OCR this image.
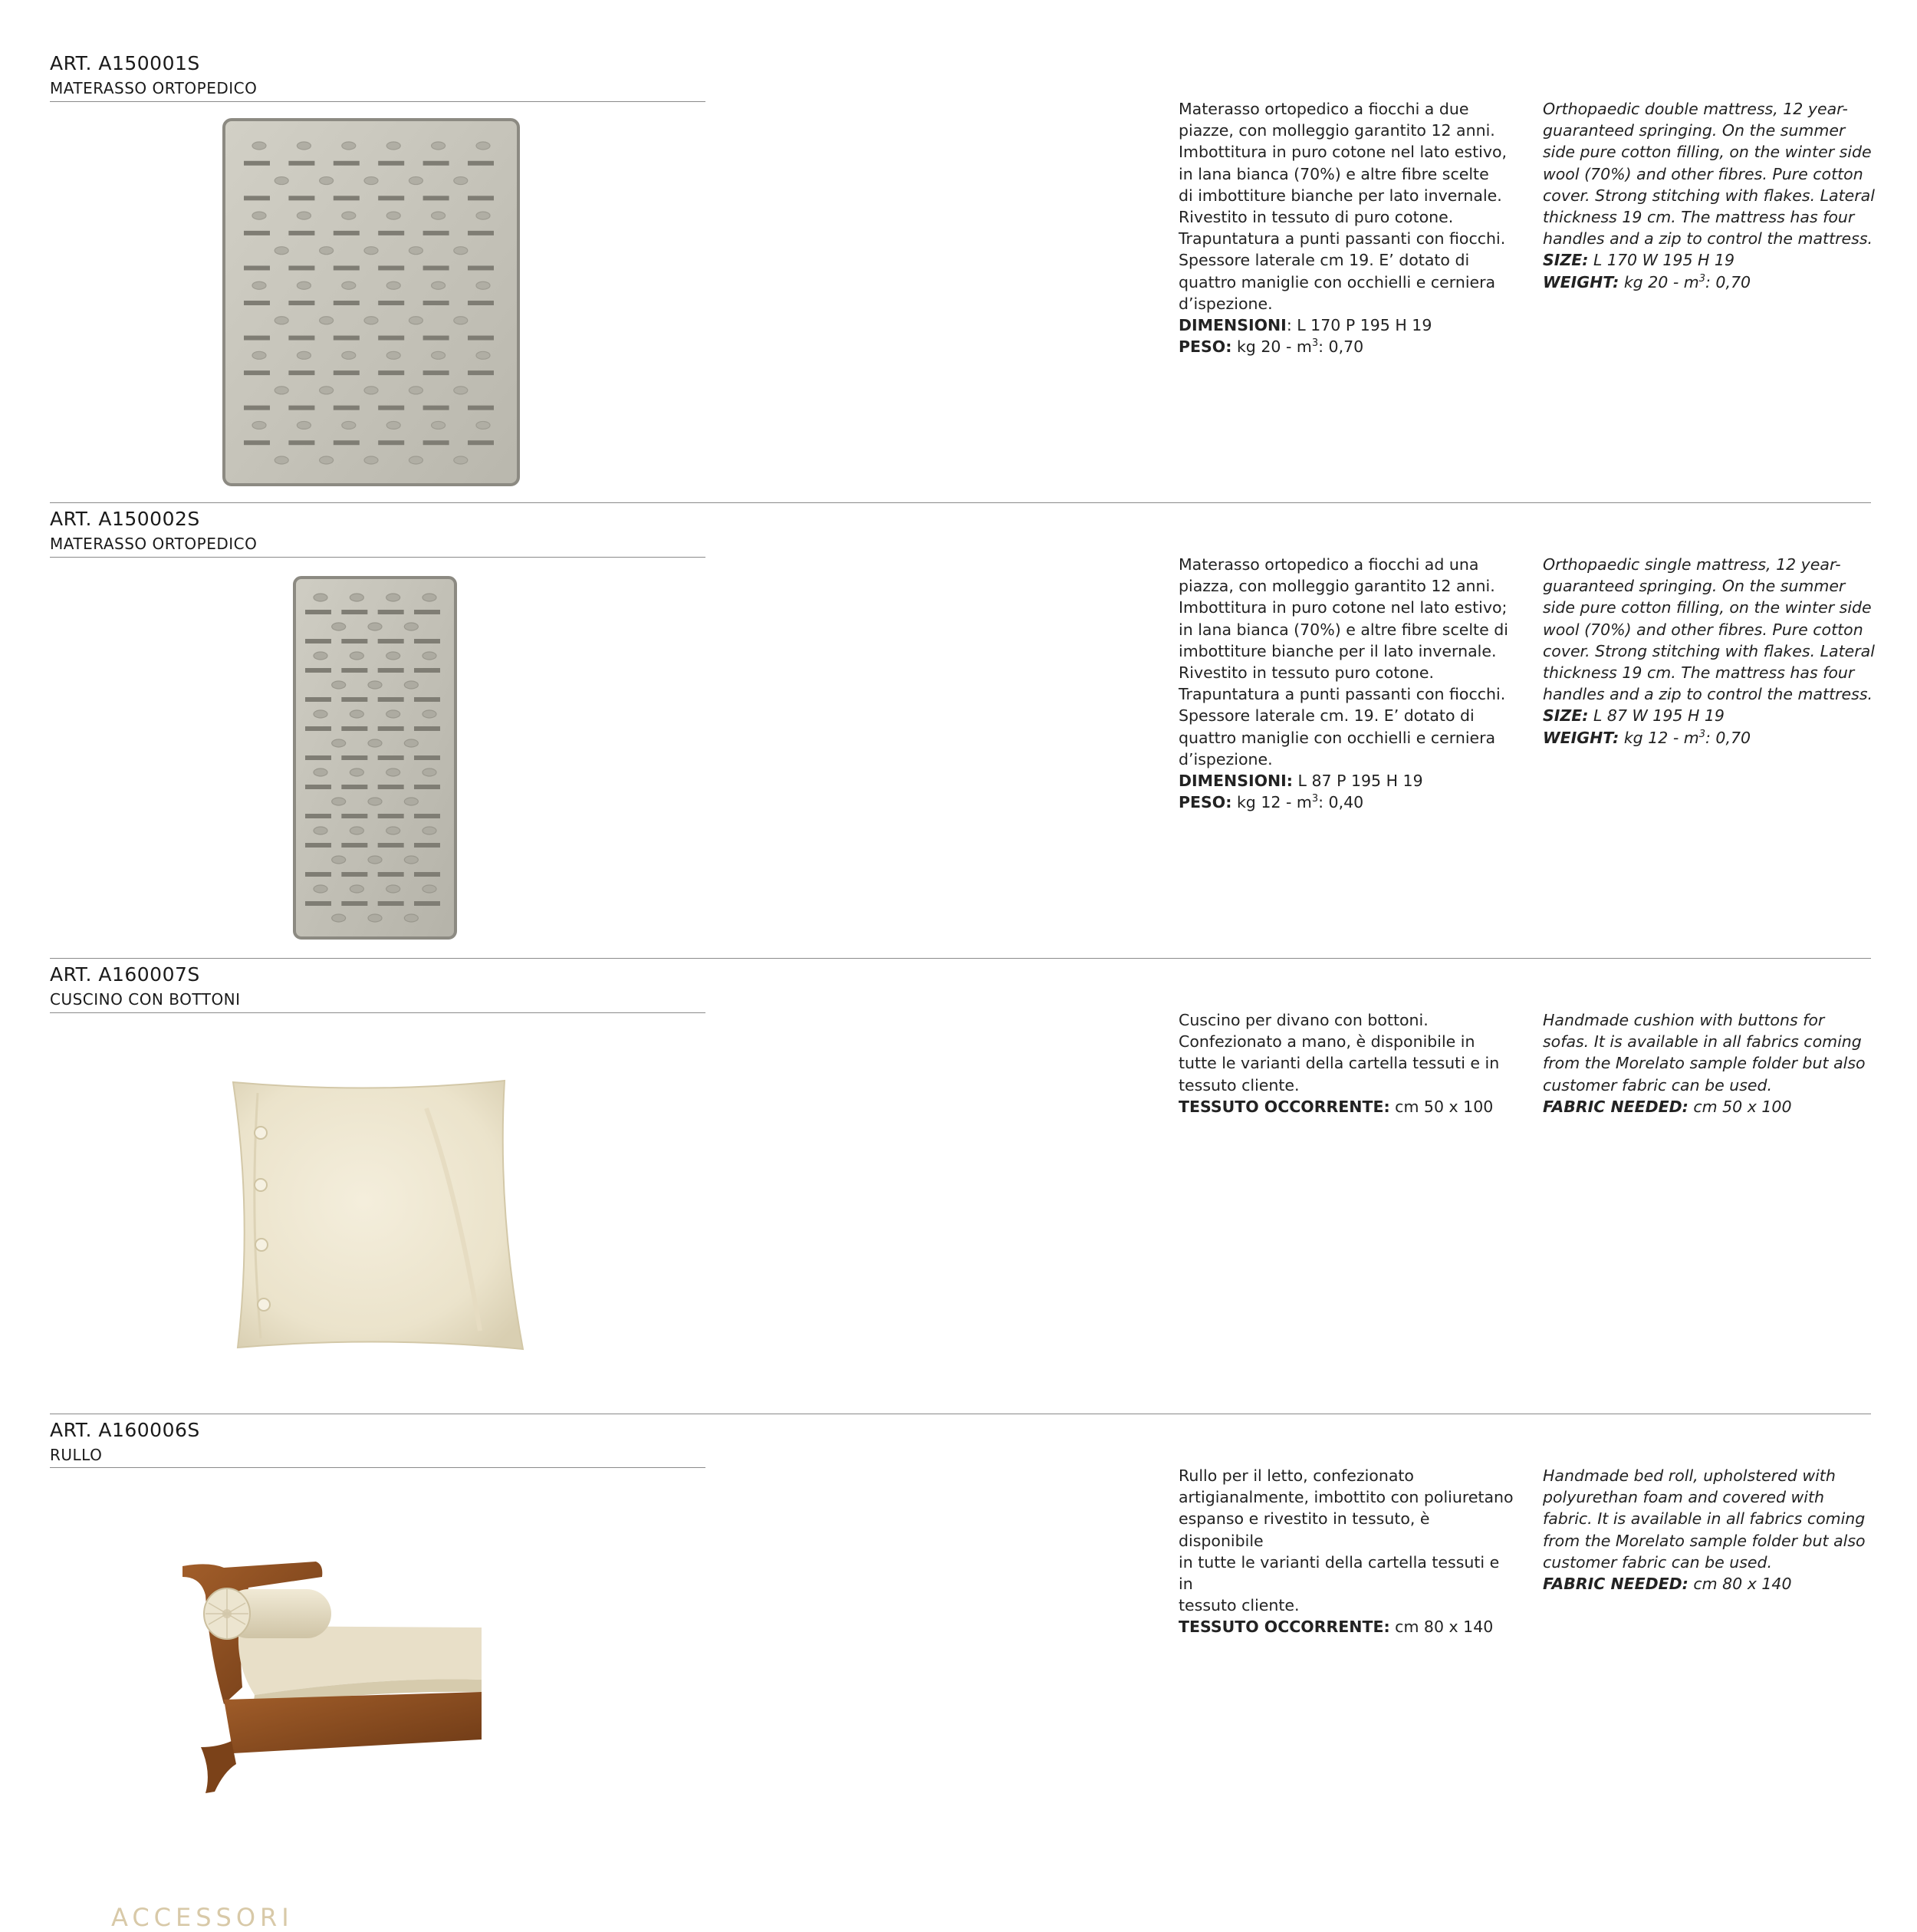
ART. A150001S
MATERASSO ORTOPEDICO

Materasso ortopedico a fiocchi a due

piazze, con molleggio garantito 12 anni.

Imbottitura in puro cotone nel lato estivo,

in lana bianca (70%) e altre fibre scelte

di imbottiture bianche per lato invernale.

Rivestito in tessuto di puro cotone.

Trapuntatura a punti passanti con fiocchi.

Spessore laterale cm 19. E’ dotato di

quattro maniglie con occhielli e cerniera

d’ispezione.

DIMENSIONI: L 170 P 195 H 19

PESO: kg $20 - m^3$: 0,70

Orthopaedic double mattress, 12 year-

guaranteed springing. On the summer

side pure cotton filling, on the winter side

wool (70%) and other fibres. Pure cotton

cover. Strong stitching with flakes. Lateral

thickness 19 cm. The mattress has four

handles and a zip to control the mattress.

SIZE: L 170 W 195 H 19

WEIGHT: kg $20 - m^3$: 0,70

ART. A150002S
MATERASSO ORTOPEDICO

Materasso ortopedico a fiocchi ad una

piazza, con molleggio garantito 12 anni.

Imbottitura in puro cotone nel lato estivo;

in lana bianca (70%) e altre fibre scelte di

imbottiture bianche per il lato invernale.

Rivestito in tessuto puro cotone.

Trapuntatura a punti passanti con fiocchi.

Spessore laterale cm. 19. E’ dotato di

quattro maniglie con occhielli e cerniera

d’ispezione.

DIMENSIONI: L 87 P 195 H 19

PESO: kg $12 - m^3$: 0,40

Orthopaedic single mattress, 12 year-

guaranteed springing. On the summer

side pure cotton filling, on the winter side

wool (70%) and other fibres. Pure cotton

cover. Strong stitching with flakes. Lateral

thickness 19 cm. The mattress has four

handles and a zip to control the mattress.

SIZE: L 87 W 195 H 19

WEIGHT: kg $12 - m^3$: 0,70

ART. A160007S
CUSCINO CON BOTTONI

Cuscino per divano con bottoni.

Confezionato a mano, è disponibile in

tutte le varianti della cartella tessuti e in

tessuto cliente.

TESSUTO OCCORRENTE: cm 50 x 100

Handmade cushion with buttons for

sofas. It is available in all fabrics coming

from the Morelato sample folder but also

customer fabric can be used.

FABRIC NEEDED: cm 50 x 100

ART. A160006S
RULLO

Rullo per il letto, confezionato

artigianalmente, imbottito con poliuretano

espanso e rivestito in tessuto, è disponibile

in tutte le varianti della cartella tessuti e in

tessuto cliente.

TESSUTO OCCORRENTE: cm 80 x 140

Handmade bed roll, upholstered with

polyurethan foam and covered with

fabric. It is available in all fabrics coming

from the Morelato sample folder but also

customer fabric can be used.

FABRIC NEEDED: cm 80 x 140

ACCESSORI
